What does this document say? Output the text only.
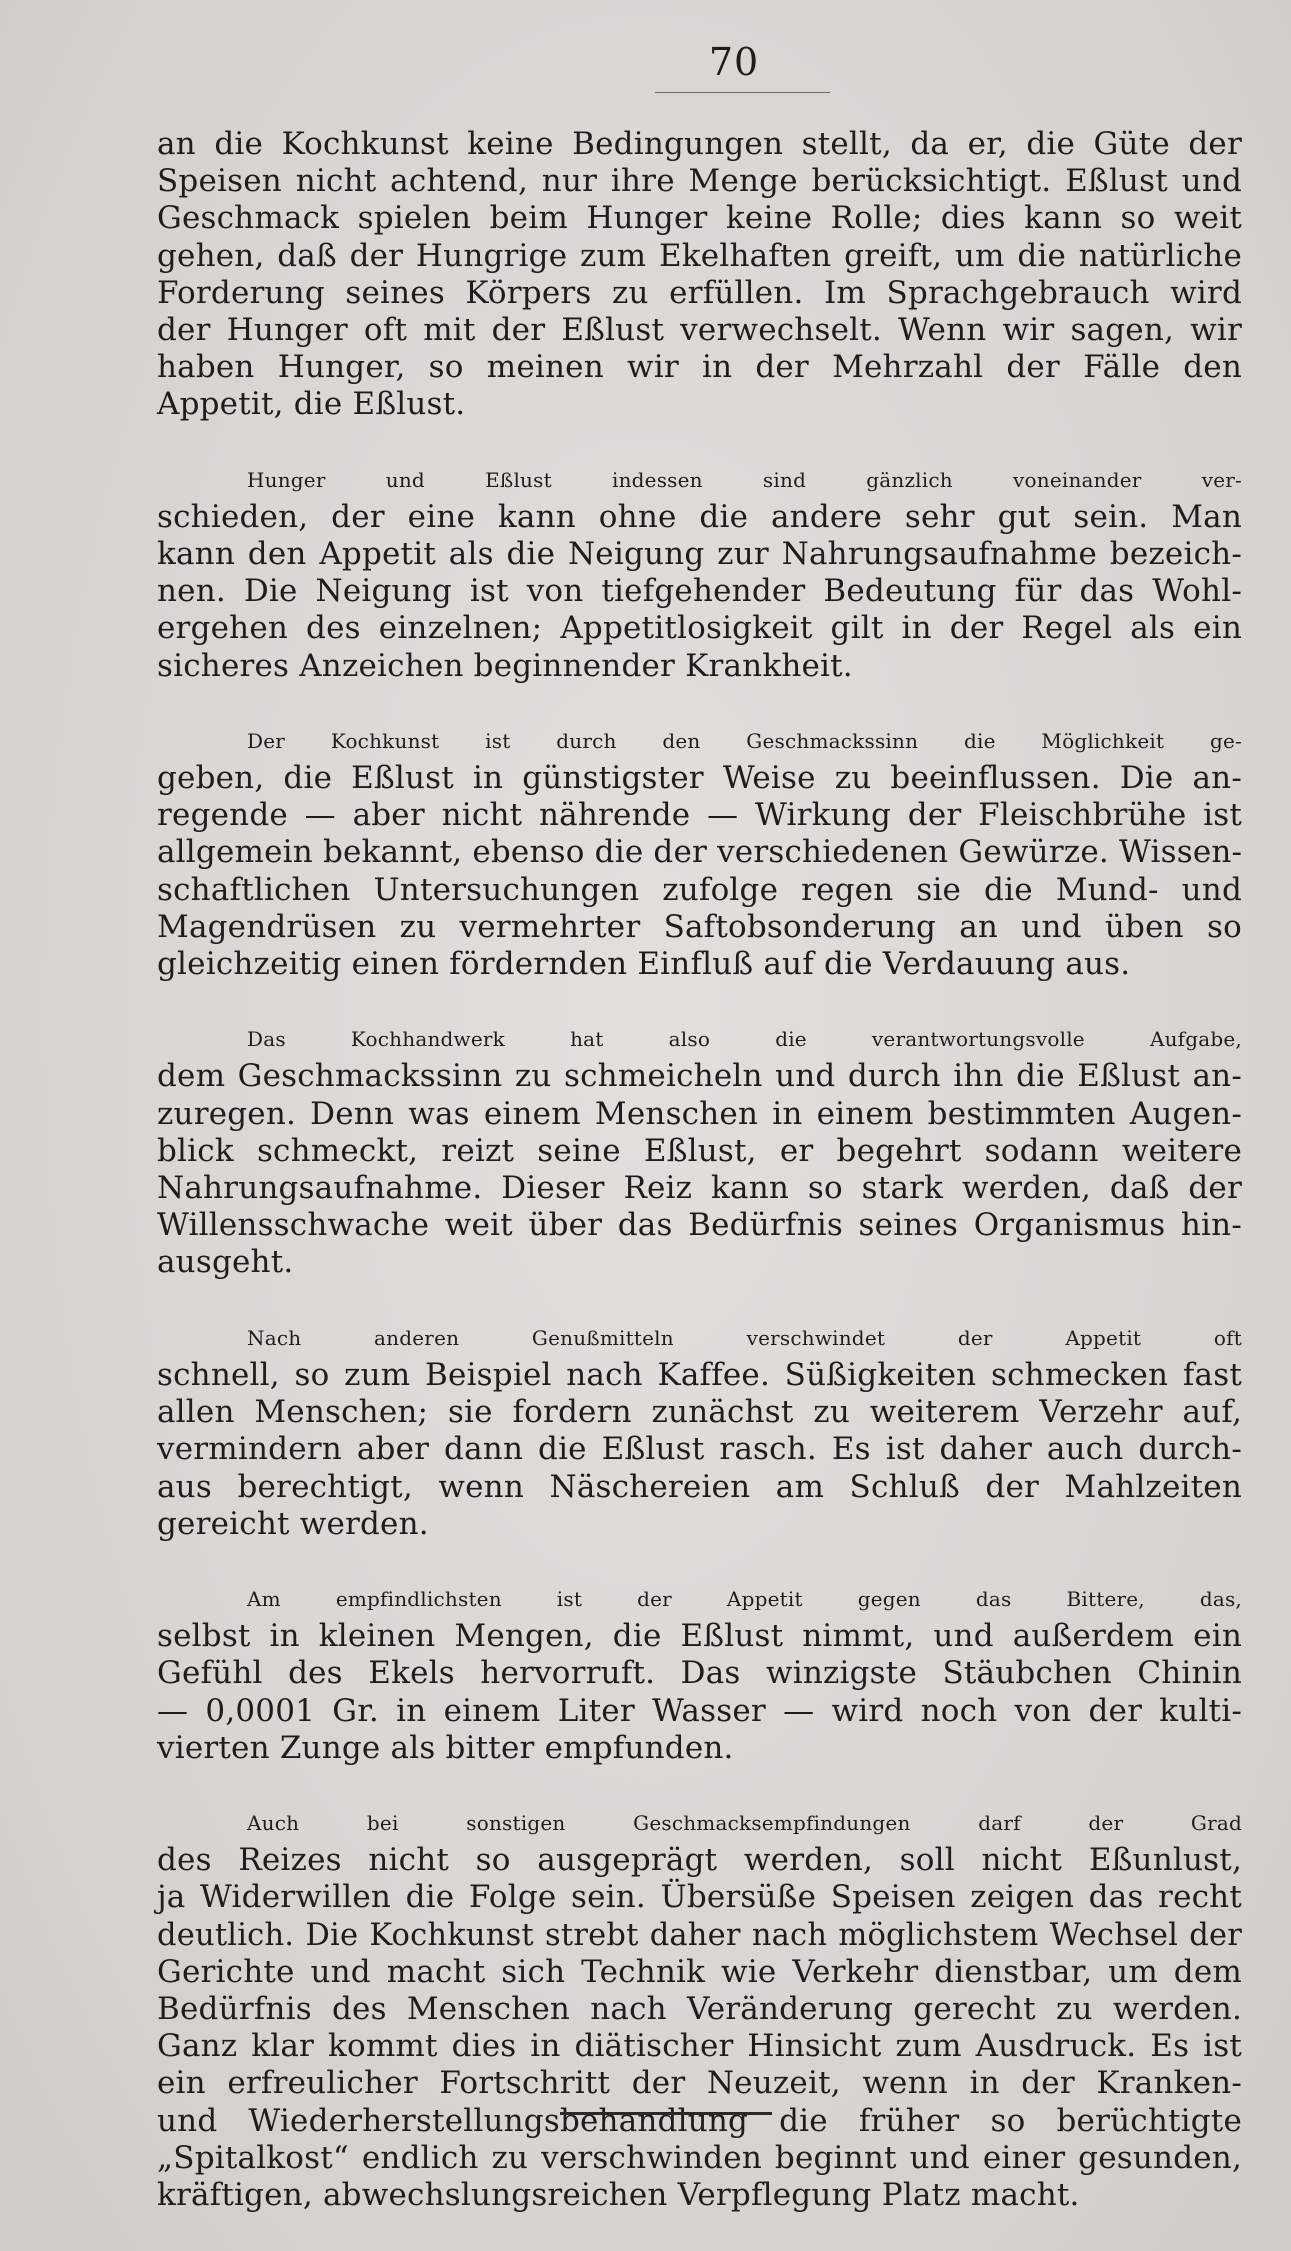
70

an die Kochkunst keine Bedingungen stellt, da er, die Güte der
Speisen nicht achtend, nur ihre Menge berücksichtigt. Eßlust und
Geschmack spielen beim Hunger keine Rolle; dies kann so weit
gehen, daß der Hungrige zum Ekelhaften greift, um die natürliche
Forderung seines Körpers zu erfüllen. Im Sprachgebrauch wird
der Hunger oft mit der Eßlust verwechselt. Wenn wir sagen, wir
haben Hunger, so meinen wir in der Mehrzahl der Fälle den
Appetit, die Eßlust.

Hunger und Eßlust indessen sind gänzlich voneinander ver-
schieden, der eine kann ohne die andere sehr gut sein. Man
kann den Appetit als die Neigung zur Nahrungsaufnahme bezeich-
nen. Die Neigung ist von tiefgehender Bedeutung für das Wohl-
ergehen des einzelnen; Appetitlosigkeit gilt in der Regel als ein
sicheres Anzeichen beginnender Krankheit.

Der Kochkunst ist durch den Geschmackssinn die Möglichkeit ge-
geben, die Eßlust in günstigster Weise zu beeinflussen. Die an-
regende — aber nicht nährende — Wirkung der Fleischbrühe ist
allgemein bekannt, ebenso die der verschiedenen Gewürze. Wissen-
schaftlichen Untersuchungen zufolge regen sie die Mund- und
Magendrüsen zu vermehrter Saftobsonderung an und üben so
gleichzeitig einen fördernden Einfluß auf die Verdauung aus.

Das Kochhandwerk hat also die verantwortungsvolle Aufgabe,
dem Geschmackssinn zu schmeicheln und durch ihn die Eßlust an-
zuregen. Denn was einem Menschen in einem bestimmten Augen-
blick schmeckt, reizt seine Eßlust, er begehrt sodann weitere
Nahrungsaufnahme. Dieser Reiz kann so stark werden, daß der
Willensschwache weit über das Bedürfnis seines Organismus hin-
ausgeht.

Nach anderen Genußmitteln verschwindet der Appetit oft
schnell, so zum Beispiel nach Kaffee. Süßigkeiten schmecken fast
allen Menschen; sie fordern zunächst zu weiterem Verzehr auf,
vermindern aber dann die Eßlust rasch. Es ist daher auch durch-
aus berechtigt, wenn Näschereien am Schluß der Mahlzeiten
gereicht werden.

Am empfindlichsten ist der Appetit gegen das Bittere, das,
selbst in kleinen Mengen, die Eßlust nimmt, und außerdem ein
Gefühl des Ekels hervorruft. Das winzigste Stäubchen Chinin
— 0,0001 Gr. in einem Liter Wasser — wird noch von der kulti-
vierten Zunge als bitter empfunden.

Auch bei sonstigen Geschmacksempfindungen darf der Grad
des Reizes nicht so ausgeprägt werden, soll nicht Eßunlust,
ja Widerwillen die Folge sein. Übersüße Speisen zeigen das recht
deutlich. Die Kochkunst strebt daher nach möglichstem Wechsel der
Gerichte und macht sich Technik wie Verkehr dienstbar, um dem
Bedürfnis des Menschen nach Veränderung gerecht zu werden.
Ganz klar kommt dies in diätischer Hinsicht zum Ausdruck. Es ist
ein erfreulicher Fortschritt der Neuzeit, wenn in der Kranken-
und Wiederherstellungsbehandlung die früher so berüchtigte
„Spitalkost“ endlich zu verschwinden beginnt und einer gesunden,
kräftigen, abwechslungsreichen Verpflegung Platz macht.
